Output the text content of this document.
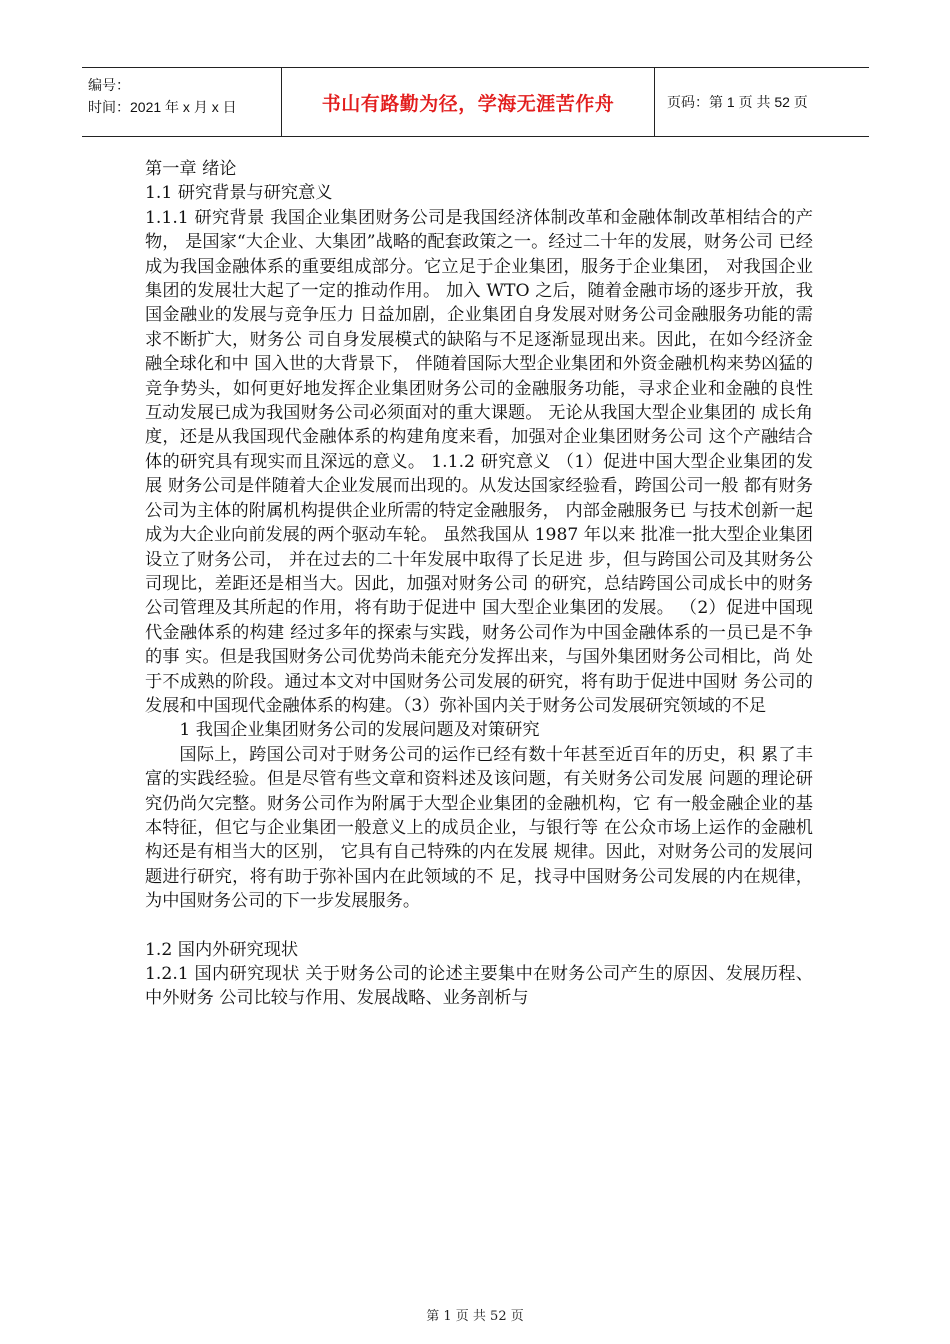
编号：
时间：2021 年 x 月 x 日	书山有路勤为径，学海无涯苦作舟	页码：第 1 页 共 52 页

第一章 绪论

1.1 研究背景与研究意义

1.1.1 研究背景 我国企业集团财务公司是我国经济体制改革和金融体制改革相结合的产物， 是国家“大企业、大集团”战略的配套政策之一。经过二十年的发展，财务公司 已经成为我国金融体系的重要组成部分。它立足于企业集团，服务于企业集团， 对我国企业集团的发展壮大起了一定的推动作用。 加入 WTO 之后，随着金融市场的逐步开放，我国金融业的发展与竞争压力 日益加剧，企业集团自身发展对财务公司金融服务功能的需求不断扩大，财务公 司自身发展模式的缺陷与不足逐渐显现出来。因此，在如今经济金融全球化和中 国入世的大背景下， 伴随着国际大型企业集团和外资金融机构来势凶猛的竞争势头，如何更好地发挥企业集团财务公司的金融服务功能，寻求企业和金融的良性 互动发展已成为我国财务公司必须面对的重大课题。 无论从我国大型企业集团的 成长角度，还是从我国现代金融体系的构建角度来看，加强对企业集团财务公司 这个产融结合体的研究具有现实而且深远的意义。 1.1.2 研究意义 （1）促进中国大型企业集团的发展 财务公司是伴随着大企业发展而出现的。从发达国家经验看，跨国公司一般 都有财务公司为主体的附属机构提供企业所需的特定金融服务， 内部金融服务已 与技术创新一起成为大企业向前发展的两个驱动车轮。 虽然我国从 1987 年以来 批准一批大型企业集团设立了财务公司， 并在过去的二十年发展中取得了长足进 步，但与跨国公司及其财务公司现比，差距还是相当大。因此，加强对财务公司 的研究，总结跨国公司成长中的财务公司管理及其所起的作用，将有助于促进中 国大型企业集团的发展。 （2）促进中国现代金融体系的构建 经过多年的探索与实践，财务公司作为中国金融体系的一员已是不争的事 实。但是我国财务公司优势尚未能充分发挥出来，与国外集团财务公司相比，尚 处于不成熟的阶段。通过本文对中国财务公司发展的研究，将有助于促进中国财 务公司的发展和中国现代金融体系的构建。（3）弥补国内关于财务公司发展研究领域的不足

1 我国企业集团财务公司的发展问题及对策研究

国际上，跨国公司对于财务公司的运作已经有数十年甚至近百年的历史，积 累了丰富的实践经验。但是尽管有些文章和资料述及该问题，有关财务公司发展 问题的理论研究仍尚欠完整。财务公司作为附属于大型企业集团的金融机构，它 有一般金融企业的基本特征，但它与企业集团一般意义上的成员企业，与银行等 在公众市场上运作的金融机构还是有相当大的区别， 它具有自己特殊的内在发展 规律。因此，对财务公司的发展问题进行研究，将有助于弥补国内在此领域的不 足，找寻中国财务公司发展的内在规律，为中国财务公司的下一步发展服务。

1.2 国内外研究现状

1.2.1 国内研究现状 关于财务公司的论述主要集中在财务公司产生的原因、发展历程、中外财务 公司比较与作用、发展战略、业务剖析与

第 1 页 共 52 页
